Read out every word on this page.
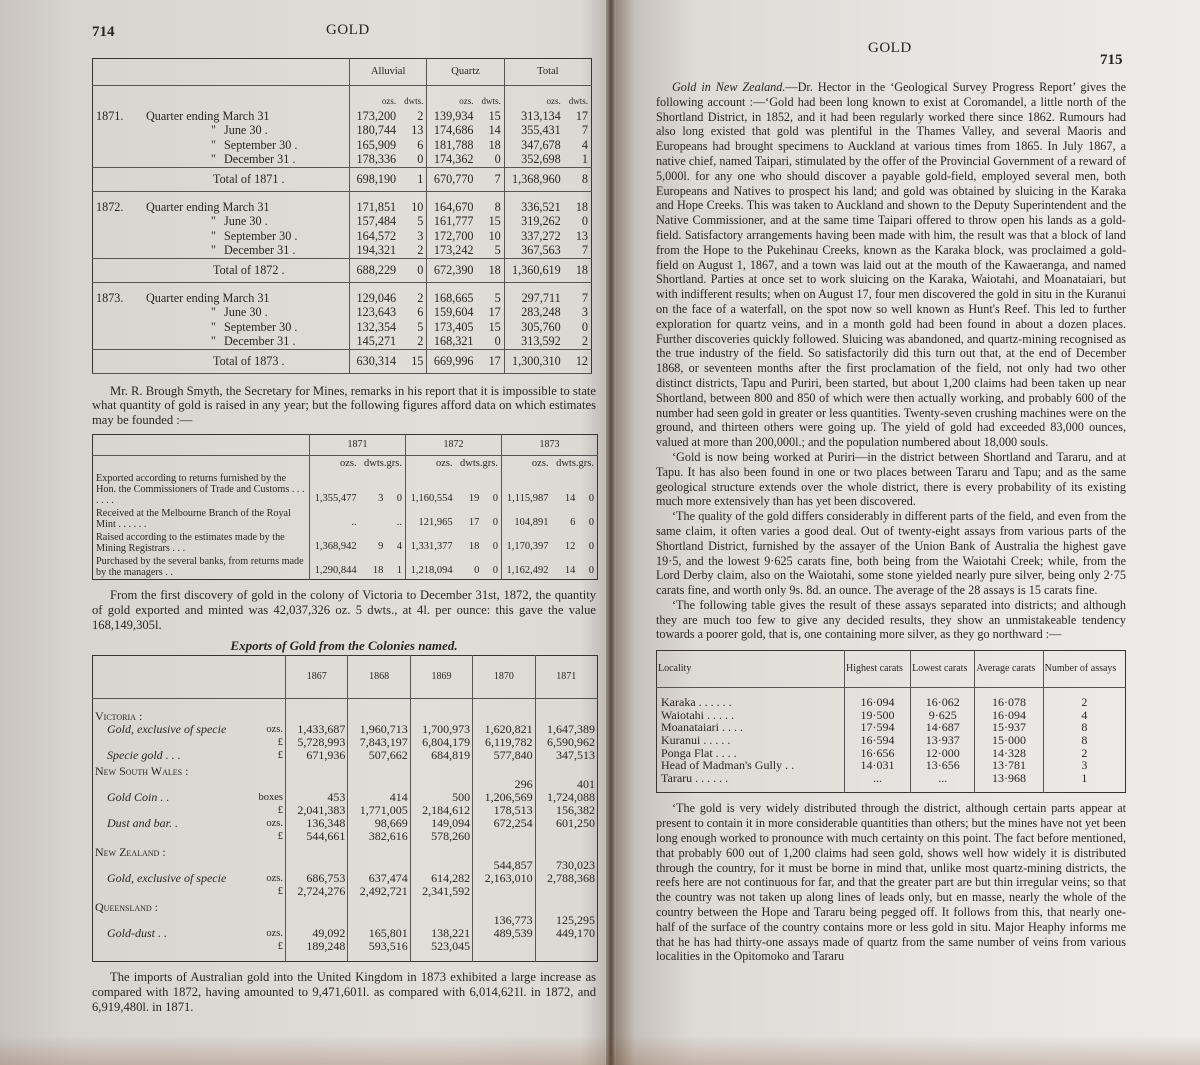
714	GOLD
	Alluvial		Quartz		Total	

	ozs.	dwts.	ozs.	dwts.	ozs.	dwts.
1871. Quarter ending March 31	173,200	2	139,934	15	313,134	17
" June 30 .	180,744	13	174,686	14	355,431	7
" September 30 .	165,909	6	181,788	18	347,678	4
" December 31 .	178,336	0	174,362	0	352,698	1
Total of 1871 .	698,190	1	670,770	7	1,368,960	8

1872. Quarter ending March 31	171,851	10	164,670	8	336,521	18
" June 30 .	157,484	5	161,777	15	319,262	0
" September 30 .	164,572	3	172,700	10	337,272	13
" December 31 .	194,321	2	173,242	5	367,563	7
Total of 1872 .	688,229	0	672,390	18	1,360,619	18

1873. Quarter ending March 31	129,046	2	168,665	5	297,711	7
" June 30 .	123,643	6	159,604	17	283,248	3
" September 30 .	132,354	5	173,405	15	305,760	0
" December 31 .	145,271	2	168,321	0	313,592	2
Total of 1873 .	630,314	15	669,996	17	1,300,310	12

Mr. R. Brough Smyth, the Secretary for Mines, remarks in his report that it is impossible to state what quantity of gold is raised in any year; but the following figures afford data on which estimates may be founded :—

	1871			1872			1873		
	ozs.	dwts.grs.		ozs.	dwts.grs.		ozs.	dwts.grs.	
Exported according to returns furnished by the Hon. the Commissioners of Trade and Customs . . . . . . .	1,355,477	3	0	1,160,554	19	0	1,115,987	14	0
Received at the Melbourne Branch of the Royal Mint . . . . . .	..		..	121,965	17	0	104,891	6	0
Raised according to the estimates made by the Mining Registrars . . .	1,368,942	9	4	1,331,377	18	0	1,170,397	12	0
Purchased by the several banks, from returns made by the managers . .	1,290,844	18	1	1,218,094	0	0	1,162,492	14	0

From the first discovery of gold in the colony of Victoria to December 31st, 1872, the quantity of gold exported and minted was 42,037,326 oz. 5 dwts., at 4l. per ounce: this gave the value 168,149,305l.

Exports of Gold from the Colonies named.
	1867	1868	1869	1870	1871

Victoria :					
Gold, exclusive of specie ozs.	1,433,687	1,960,713	1,700,973	1,620,821	1,647,389

£	5,728,993	7,843,197	6,804,179	6,119,782	6,590,962
Specie gold . . . £	671,936	507,662	684,819	577,840	347,513
New South Wales :					

				296	401
Gold Coin . . boxes	453	414	500	1,206,569	1,724,088

£	2,041,383	1,771,005	2,184,612	178,513	156,382
Dust and bar. . ozs.	136,348	98,669	149,094	672,254	601,250

£	544,661	382,616	578,260		
New Zealand :					

				544,857	730,023
Gold, exclusive of specie ozs.	686,753	637,474	614,282	2,163,010	2,788,368

£	2,724,276	2,492,721	2,341,592		
Queensland :					

				136,773	125,295
Gold-dust . . ozs.	49,092	165,801	138,221	489,539	449,170

£	189,248	593,516	523,045		

The imports of Australian gold into the United Kingdom in 1873 exhibited a large increase as compared with 1872, having amounted to 9,471,601l. as compared with 6,014,621l. in 1872, and 6,919,480l. in 1871.

GOLD
715

Gold in New Zealand.—Dr. Hector in the ‘Geological Survey Progress Report’ gives the following account :—‘Gold had been long known to exist at Coromandel, a little north of the Shortland District, in 1852, and it had been regularly worked there since 1862. Rumours had also long existed that gold was plentiful in the Thames Valley, and several Maoris and Europeans had brought specimens to Auckland at various times from 1865. In July 1867, a native chief, named Taipari, stimulated by the offer of the Provincial Government of a reward of 5,000l. for any one who should discover a payable gold-field, employed several men, both Europeans and Natives to prospect his land; and gold was obtained by sluicing in the Karaka and Hope Creeks. This was taken to Auckland and shown to the Deputy Superintendent and the Native Commissioner, and at the same time Taipari offered to throw open his lands as a gold-field. Satisfactory arrangements having been made with him, the result was that a block of land from the Hope to the Pukehinau Creeks, known as the Karaka block, was proclaimed a gold-field on August 1, 1867, and a town was laid out at the mouth of the Kawaeranga, and named Shortland. Parties at once set to work sluicing on the Karaka, Waiotahi, and Moanataiari, but with indifferent results; when on August 17, four men discovered the gold in situ in the Kuranui on the face of a waterfall, on the spot now so well known as Hunt's Reef. This led to further exploration for quartz veins, and in a month gold had been found in about a dozen places. Further discoveries quickly followed. Sluicing was abandoned, and quartz-mining recognised as the true industry of the field. So satisfactorily did this turn out that, at the end of December 1868, or seventeen months after the first proclamation of the field, not only had two other distinct districts, Tapu and Puriri, been started, but about 1,200 claims had been taken up near Shortland, between 800 and 850 of which were then actually working, and probably 600 of the number had seen gold in greater or less quantities. Twenty-seven crushing machines were on the ground, and thirteen others were going up. The yield of gold had exceeded 83,000 ounces, valued at more than 200,000l.; and the population numbered about 18,000 souls.

‘Gold is now being worked at Puriri—in the district between Shortland and Tararu, and at Tapu. It has also been found in one or two places between Tararu and Tapu; and as the same geological structure extends over the whole district, there is every probability of its existing much more extensively than has yet been discovered.

‘The quality of the gold differs considerably in different parts of the field, and even from the same claim, it often varies a good deal. Out of twenty-eight assays from various parts of the Shortland District, furnished by the assayer of the Union Bank of Australia the highest gave 19·5, and the lowest 9·625 carats fine, both being from the Waiotahi Creek; while, from the Lord Derby claim, also on the Waiotahi, some stone yielded nearly pure silver, being only 2·75 carats fine, and worth only 9s. 8d. an ounce. The average of the 28 assays is 15 carats fine.

‘The following table gives the result of these assays separated into districts; and although they are much too few to give any decided results, they show an unmistakeable tendency towards a poorer gold, that is, one containing more silver, as they go northward :—

Locality	Highest carats	Lowest carats	Average carats	Number of assays

Karaka . . . . . .	16·094	16·062	16·078	2
Waiotahi . . . . .	19·500	9·625	16·094	4
Moanataiari . . . .	17·594	14·687	15·937	8
Kuranui . . . . .	16·594	13·937	15·000	8
Ponga Flat . . . .	16·656	12·000	14·328	2
Head of Madman's Gully . .	14·031	13·656	13·781	3
Tararu . . . . . .	...	...	13·968	1

‘The gold is very widely distributed through the district, although certain parts appear at present to contain it in more considerable quantities than others; but the mines have not yet been long enough worked to pronounce with much certainty on this point. The fact before mentioned, that probably 600 out of 1,200 claims had seen gold, shows well how widely it is distributed through the country, for it must be borne in mind that, unlike most quartz-mining districts, the reefs here are not continuous for far, and that the greater part are but thin irregular veins; so that the country was not taken up along lines of leads only, but en masse, nearly the whole of the country between the Hope and Tararu being pegged off. It follows from this, that nearly one-half of the surface of the country contains more or less gold in situ. Major Heaphy informs me that he has had thirty-one assays made of quartz from the same number of veins from various localities in the Opitomoko and Tararu
